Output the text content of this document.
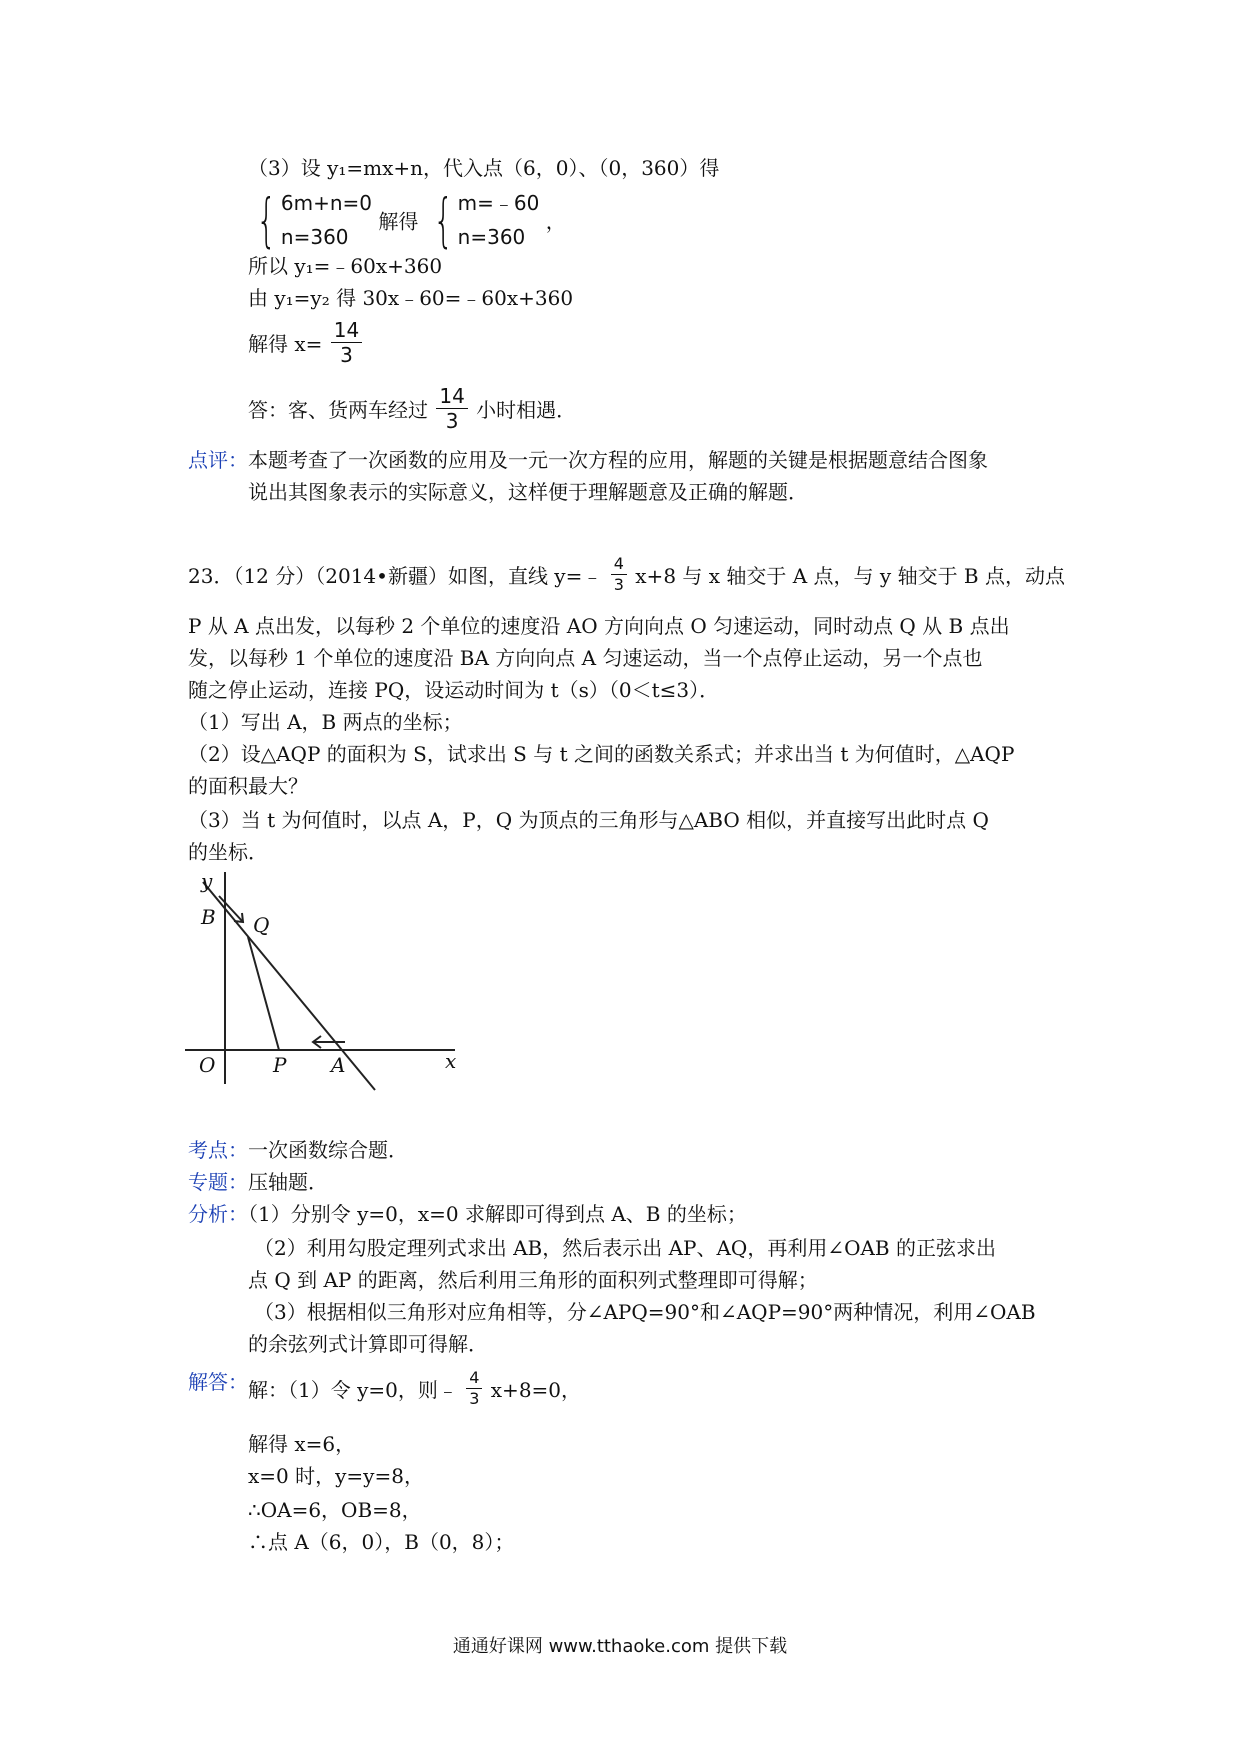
（3）设 y₁=mx+n，代入点（6，0）、（0，360）得
{ 6m+n=0
n=360
解得 { m=﹣60
n=360
，
所以 y₁=﹣60x+360
由 y₁=y₂ 得 30x﹣60=﹣60x+360
解得 $x= \frac{14}{3}$
答：客、货两车经过 $\frac{14}{3}$ 小时相遇．
点评：本题考查了一次函数的应用及一元一次方程的应用，解题的关键是根据题意结合图象
说出其图象表示的实际意义，这样便于理解题意及正确的解题．
23．（12 分）（2014•新疆）如图，直线 y=﹣ $\frac{4}{3} x+8$ 与 x 轴交于 A 点，与 y 轴交于 B 点，动点
P 从 A 点出发，以每秒 2 个单位的速度沿 AO 方向向点 O 匀速运动，同时动点 Q 从 B 点出
发，以每秒 1 个单位的速度沿 BA 方向向点 A 匀速运动，当一个点停止运动，另一个点也
随之停止运动，连接 PQ，设运动时间为 t（s）（0＜t≤3）．
（1）写出 A，B 两点的坐标；
（2）设△AQP 的面积为 S，试求出 S 与 t 之间的函数关系式；并求出当 t 为何值时，△AQP
的面积最大？
（3）当 t 为何值时，以点 A，P，Q 为顶点的三角形与△ABO 相似，并直接写出此时点 Q
的坐标．
y
B Q
O	P A	x
考点：一次函数综合题．
专题：压轴题．
分析：（1）分别令 y=0，x=0 求解即可得到点 A、B 的坐标；
（2）利用勾股定理列式求出 AB，然后表示出 AP、AQ，再利用∠OAB 的正弦求出
点 Q 到 AP 的距离，然后利用三角形的面积列式整理即可得解；
（3）根据相似三角形对应角相等，分∠APQ=90°和∠AQP=90°两种情况，利用∠OAB
的余弦列式计算即可得解．
解答： 解：（1）令 y=0，则﹣ $\frac{4}{3} x+8=0$，
解得 x=6，
x=0 时，y=y=8，
∴OA=6，OB=8，
∴点 A（6，0），B（0，8）；
通通好课网 www.tthaoke.com 提供下载
